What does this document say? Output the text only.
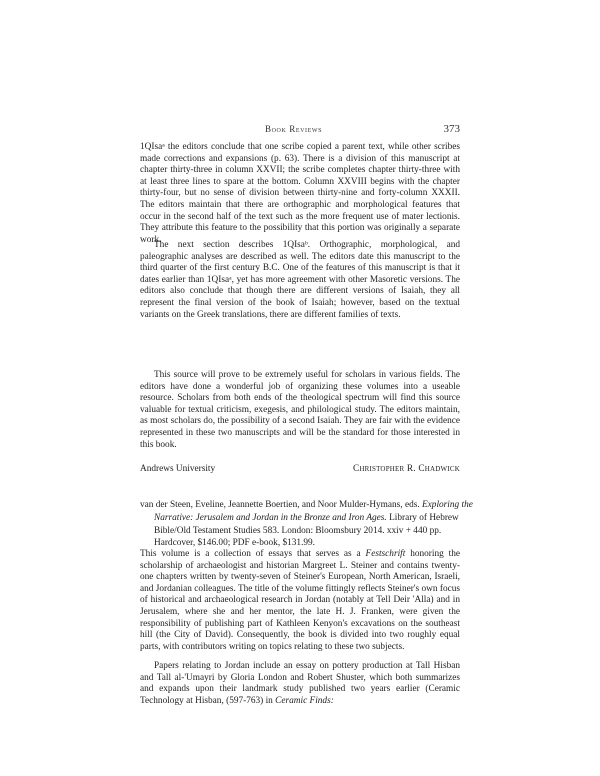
Book Reviews	373

1QIsaᵃ the editors conclude that one scribe copied a parent text, while other scribes made corrections and expansions (p. 63). There is a division of this manuscript at chapter thirty-three in column XXVII; the scribe completes chapter thirty-three with at least three lines to spare at the bottom. Column XXVIII begins with the chapter thirty-four, but no sense of division between thirty-nine and forty-column XXXII. The editors maintain that there are orthographic and morphological features that occur in the second half of the text such as the more frequent use of mater lectionis. They attribute this feature to the possibility that this portion was originally a separate work.

The next section describes 1QIsaᵇ. Orthographic, morphological, and paleographic analyses are described as well. The editors date this manuscript to the third quarter of the first century B.C. One of the features of this manuscript is that it dates earlier than 1QIsaᵃ, yet has more agreement with other Masoretic versions. The editors also conclude that though there are different versions of Isaiah, they all represent the final version of the book of Isaiah; however, based on the textual variants on the Greek translations, there are different families of texts.

This source will prove to be extremely useful for scholars in various fields. The editors have done a wonderful job of organizing these volumes into a useable resource. Scholars from both ends of the theological spectrum will find this source valuable for textual criticism, exegesis, and philological study. The editors maintain, as most scholars do, the possibility of a second Isaiah. They are fair with the evidence represented in these two manuscripts and will be the standard for those interested in this book.

Andrews University	Christopher R. Chadwick

van der Steen, Eveline, Jeannette Boertien, and Noor Mulder-Hymans, eds. Exploring the Narrative: Jerusalem and Jordan in the Bronze and Iron Ages. Library of Hebrew Bible/Old Testament Studies 583. London: Bloomsbury 2014. xxiv + 440 pp. Hardcover, $146.00; PDF e-book, $131.99.

This volume is a collection of essays that serves as a Festschrift honoring the scholarship of archaeologist and historian Margreet L. Steiner and contains twenty-one chapters written by twenty-seven of Steiner's European, North American, Israeli, and Jordanian colleagues. The title of the volume fittingly reflects Steiner's own focus of historical and archaeological research in Jordan (notably at Tell Deir 'Alla) and in Jerusalem, where she and her mentor, the late H. J. Franken, were given the responsibility of publishing part of Kathleen Kenyon's excavations on the southeast hill (the City of David). Consequently, the book is divided into two roughly equal parts, with contributors writing on topics relating to these two subjects.

Papers relating to Jordan include an essay on pottery production at Tall Hisban and Tall al-'Umayri by Gloria London and Robert Shuster, which both summarizes and expands upon their landmark study published two years earlier (Ceramic Technology at Hisban, (597-763) in Ceramic Finds:
